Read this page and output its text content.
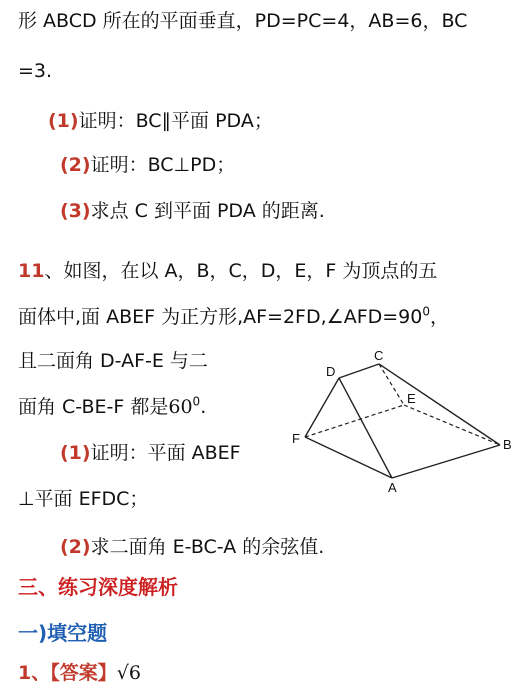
形 ABCD 所在的平面垂直，PD=PC=4，AB=6，BC
=3.
(1)证明：BC∥平面 PDA；
(2)证明：BC⊥PD；
(3)求点 C 到平面 PDA 的距离.
11、如图，在以 A，B，C，D，E，F 为顶点的五
面体中,面 ABEF 为正方形$,AF=2FD,\angle AFD=90^0$，
且二面角 D-AF-E 与二
面角 C-BE-F 都是$60^0$.
(1)证明：平面 ABEF
⊥平面 EFDC；
(2)求二面角 E-BC-A 的余弦值.
D
C
E
F	B
A
三、练习深度解析
一)填空题
1、【答案】√6
